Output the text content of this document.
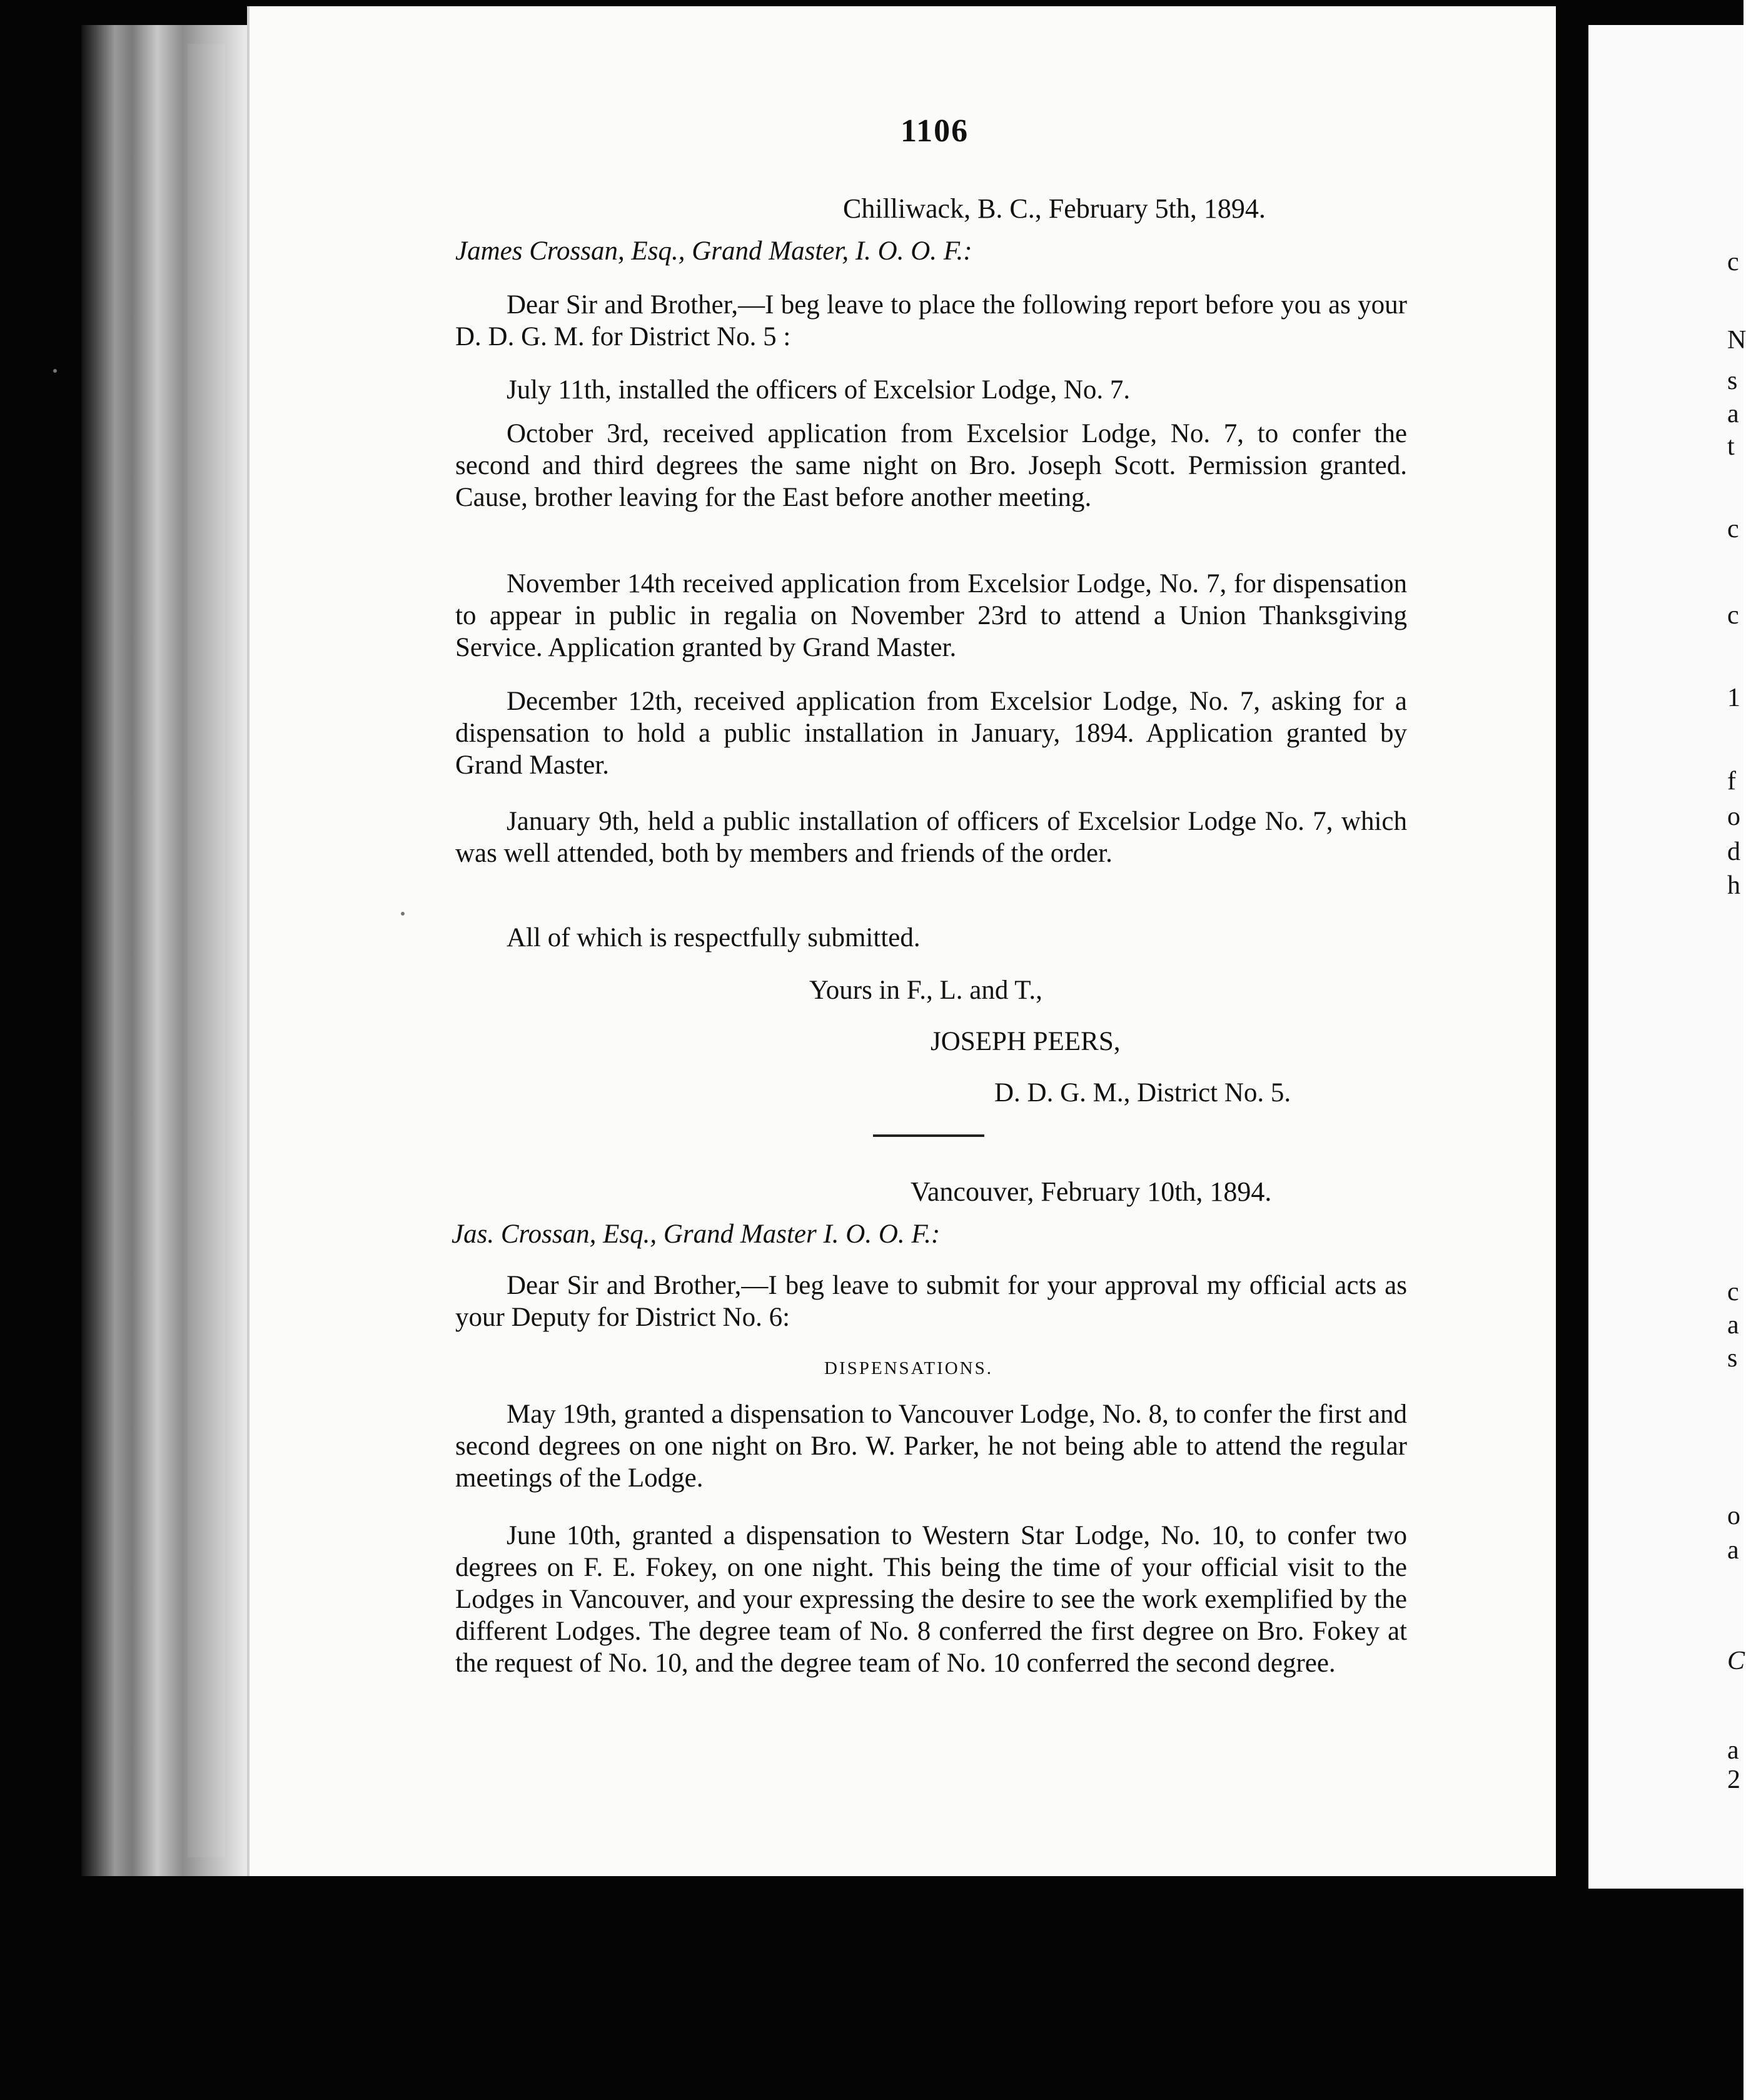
c
N
s
a
t
c
c
1
f
o
d
h
c
a
s
o
a
C
a
2
1106
Chilliwack, B. C., February 5th, 1894.
James Crossan, Esq., Grand Master, I. O. O. F.:
Dear Sir and Brother,—I beg leave to place the following report before you as your D. D. G. M. for District No. 5 :
July 11th, installed the officers of Excelsior Lodge, No. 7.
October 3rd, received application from Excelsior Lodge, No. 7, to confer the second and third degrees the same night on Bro. Joseph Scott. Permission granted. Cause, brother leaving for the East before another meeting.
November 14th received application from Excelsior Lodge, No. 7, for dispensation to appear in public in regalia on November 23rd to attend a Union Thanksgiving Service. Application granted by Grand Master.
December 12th, received application from Excelsior Lodge, No. 7, asking for a dispensation to hold a public installation in January, 1894. Application granted by Grand Master.
January 9th, held a public installation of officers of Excelsior Lodge No. 7, which was well attended, both by members and friends of the order.
All of which is respectfully submitted.
Yours in F., L. and T.,
JOSEPH PEERS,
D. D. G. M., District No. 5.
Vancouver, February 10th, 1894.
Jas. Crossan, Esq., Grand Master I. O. O. F.:
Dear Sir and Brother,—I beg leave to submit for your approval my official acts as your Deputy for District No. 6:
DISPENSATIONS.
May 19th, granted a dispensation to Vancouver Lodge, No. 8, to confer the first and second degrees on one night on Bro. W. Parker, he not being able to attend the regular meetings of the Lodge.
June 10th, granted a dispensation to Western Star Lodge, No. 10, to confer two degrees on F. E. Fokey, on one night. This being the time of your official visit to the Lodges in Vancouver, and your expressing the desire to see the work exemplified by the different Lodges. The degree team of No. 8 conferred the first degree on Bro. Fokey at the request of No. 10, and the degree team of No. 10 conferred the second degree.
